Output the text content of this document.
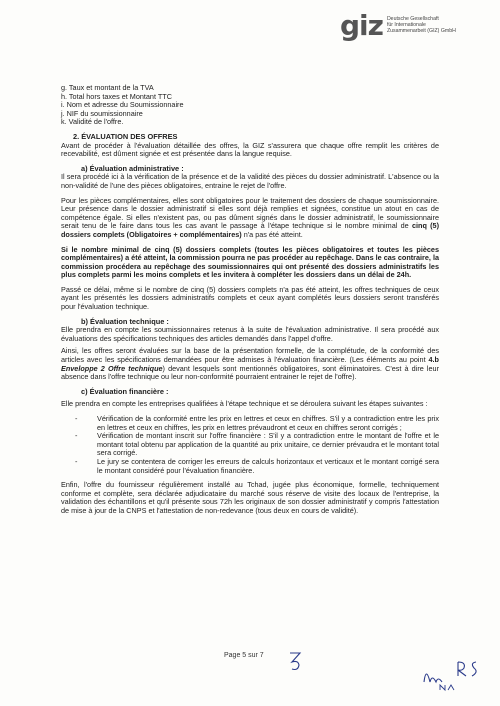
giz Deutsche Gesellschaft
für Internationale
Zusammenarbeit (GIZ) GmbH
g. Taux et montant de la TVA
h. Total hors taxes et Montant TTC
i. Nom et adresse du Soumissionnaire
j. NIF du soumissionnaire
k. Validité de l'offre.
2. ÉVALUATION DES OFFRES

Avant de procéder à l'évaluation détaillée des offres, la GIZ s'assurera que chaque offre remplit les critères de recevabilité, est dûment signée et est présentée dans la langue requise.

a) Évaluation administrative :

Il sera procédé ici à la vérification de la présence et de la validité des pièces du dossier administratif. L'absence ou la non-validité de l'une des pièces obligatoires, entraine le rejet de l'offre.

Pour les pièces complémentaires, elles sont obligatoires pour le traitement des dossiers de chaque soumissionnaire. Leur présence dans le dossier administratif si elles sont déjà remplies et signées, constitue un atout en cas de compétence égale. Si elles n'existent pas, ou pas dûment signés dans le dossier administratif, le soumissionnaire serait tenu de le faire dans tous les cas avant le passage à l'étape technique si le nombre minimal de cinq (5) dossiers complets (Obligatoires + complémentaires) n'a pas été atteint.

Si le nombre minimal de cinq (5) dossiers complets (toutes les pièces obligatoires et toutes les pièces complémentaires) a été atteint, la commission pourra ne pas procéder au repêchage. Dans le cas contraire, la commission procédera au repêchage des soumissionnaires qui ont présenté des dossiers administratifs les plus complets parmi les moins complets et les invitera à compléter les dossiers dans un délai de 24h.

Passé ce délai, même si le nombre de cinq (5) dossiers complets n'a pas été atteint, les offres techniques de ceux ayant les présentés les dossiers administratifs complets et ceux ayant complétés leurs dossiers seront transférés pour l'évaluation technique.

b) Évaluation technique :

Elle prendra en compte les soumissionnaires retenus à la suite de l'évaluation administrative. Il sera procédé aux évaluations des spécifications techniques des articles demandés dans l'appel d'offre.

Ainsi, les offres seront évaluées sur la base de la présentation formelle, de la complétude, de la conformité des articles avec les spécifications demandées pour être admises à l'évaluation financière. (Les éléments au point 4.b Enveloppe 2 Offre technique) devant lesquels sont mentionnés obligatoires, sont éliminatoires. C'est à dire leur absence dans l'offre technique ou leur non-conformité pourraient entrainer le rejet de l'offre).

c) Évaluation financière :

Elle prendra en compte les entreprises qualifiées à l'étape technique et se déroulera suivant les étapes suivantes :

-	Vérification de la conformité entre les prix en lettres et ceux en chiffres. S'il y a contradiction entre les prix en lettres et ceux en chiffres, les prix en lettres prévaudront et ceux en chiffres seront corrigés ;

-	Vérification de montant inscrit sur l'offre financière : S'il y a contradiction entre le montant de l'offre et le montant total obtenu par application de la quantité au prix unitaire, ce dernier prévaudra et le montant total sera corrigé.

-	Le jury se contentera de corriger les erreurs de calculs horizontaux et verticaux et le montant corrigé sera le montant considéré pour l'évaluation financière.

Enfin, l'offre du fournisseur régulièrement installé au Tchad, jugée plus économique, formelle, techniquement conforme et complète, sera déclarée adjudicataire du marché sous réserve de visite des locaux de l'entreprise, la validation des échantillons et qu'il présente sous 72h les originaux de son dossier administratif y compris l'attestation de mise à jour de la CNPS et l'attestation de non-redevance (tous deux en cours de validité).

Page 5 sur 7
